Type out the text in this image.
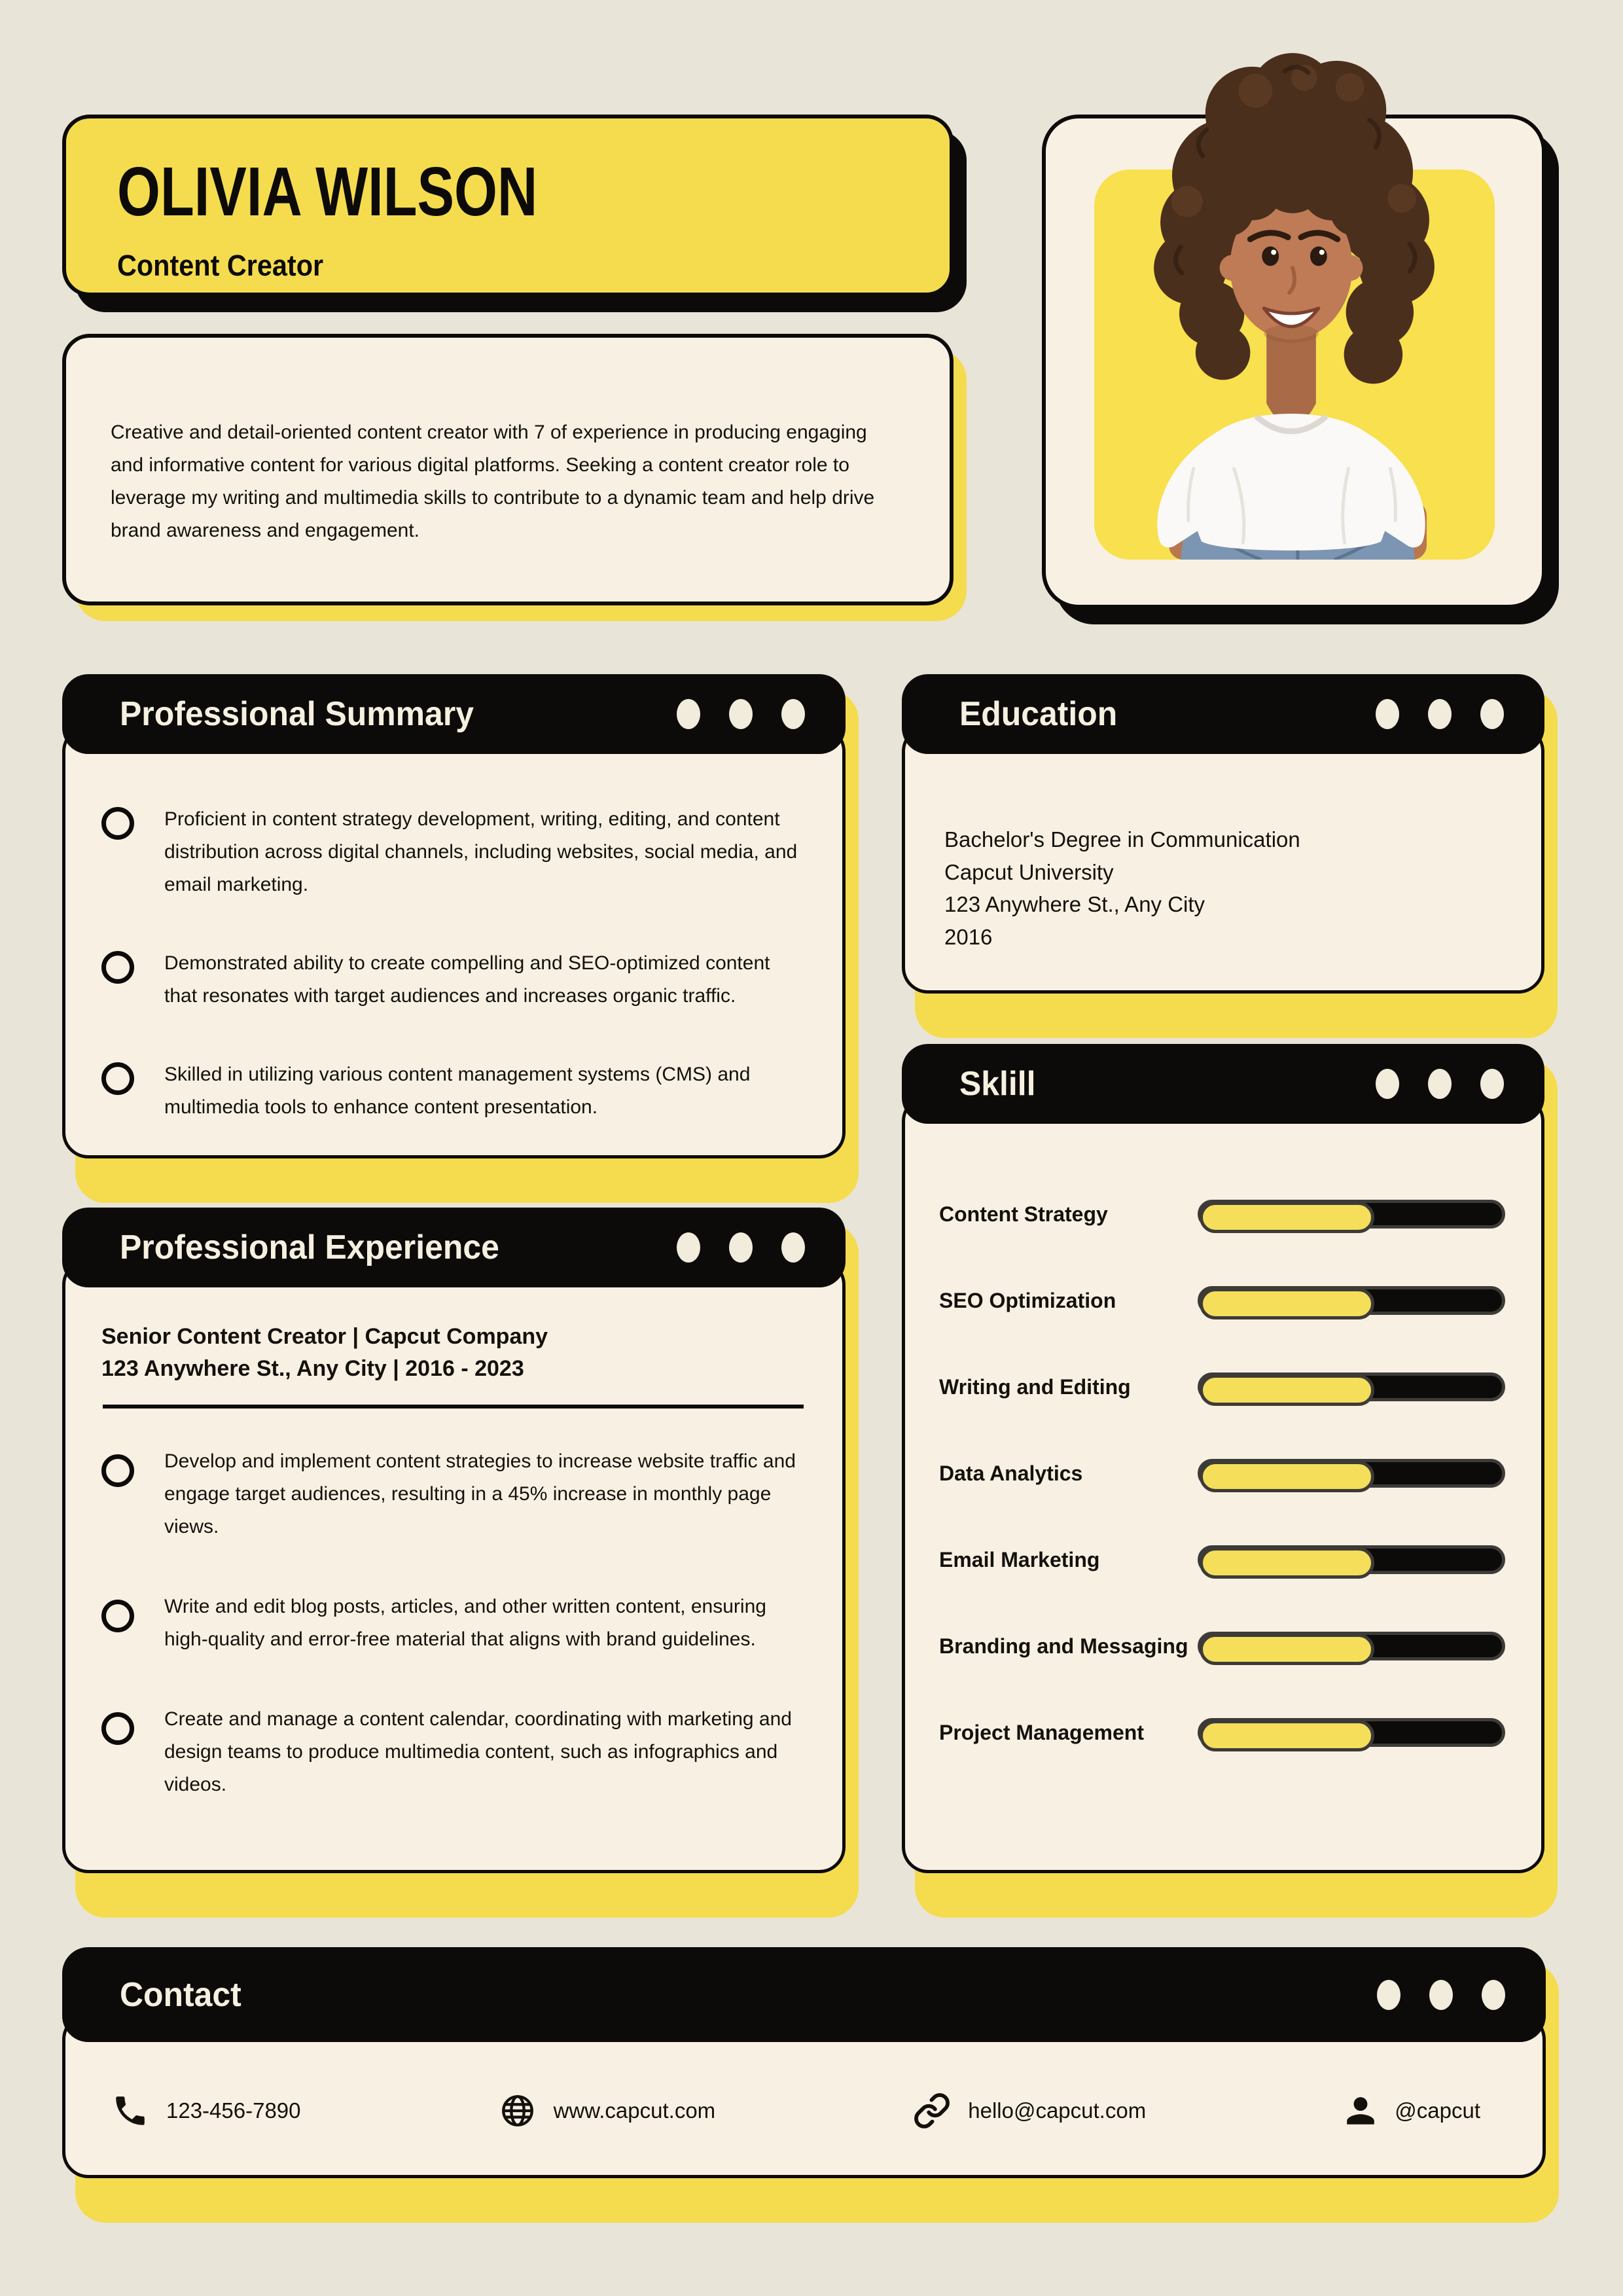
OLIVIA WILSON
Content Creator
Creative and detail-oriented content creator with 7 of experience in producing engaging and informative content for various digital platforms. Seeking a content creator role to leverage my writing and multimedia skills to contribute to a dynamic team and help drive brand awareness and engagement.
Professional Summary
Proficient in content strategy development, writing, editing, and content distribution across digital channels, including websites, social media, and email marketing.
Demonstrated ability to create compelling and SEO-optimized content that resonates with target audiences and increases organic traffic.
Skilled in utilizing various content management systems (CMS) and multimedia tools to enhance content presentation.
Education
Bachelor's Degree in Communication
Capcut University
123 Anywhere St., Any City
2016
Sklill
Content Strategy
SEO Optimization
Writing and Editing
Data Analytics
Email Marketing
Branding and Messaging
Project Management
Professional Experience
Senior Content Creator | Capcut Company
123 Anywhere St., Any City | 2016 - 2023
Develop and implement content strategies to increase website traffic and engage target audiences, resulting in a 45% increase in monthly page views.
Write and edit blog posts, articles, and other written content, ensuring high-quality and error-free material that aligns with brand guidelines.
Create and manage a content calendar, coordinating with marketing and design teams to produce multimedia content, such as infographics and videos.
Contact
123-456-7890	www.capcut.com	hello@capcut.com	@capcut
